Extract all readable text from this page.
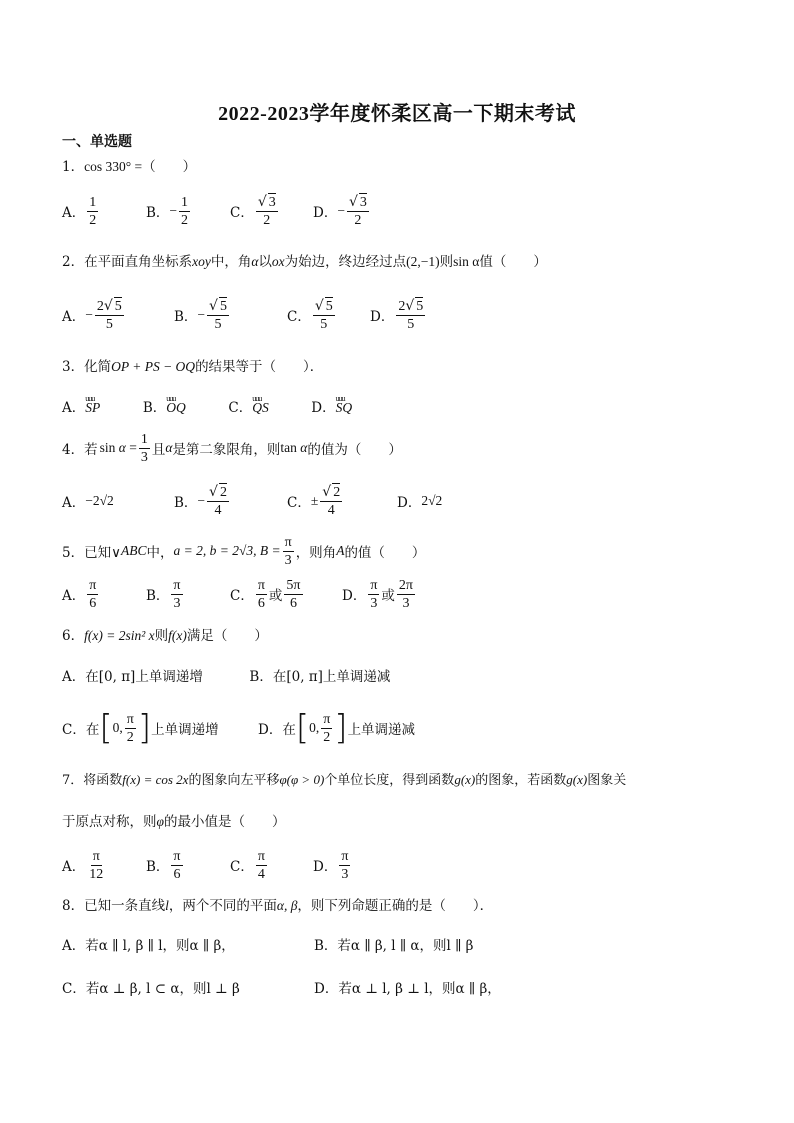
2022-2023学年度怀柔区高一下期末考试
一、单选题
1．cos 330° =（　　）
A． $\frac{1}{2}$	B． − $\frac{1}{2}$	C． $\frac{√ 3}{2}$	D． − $\frac{√ 3}{2}$
2．在平面直角坐标系xoy中，角α以ox为始边，终边经过点(2,−1)则sin α值（　　）
A． − $\frac{2√ 5}{5}$	B． − $\frac{√ 5}{5}$	C． $\frac{√ 5}{5}$	D． $\frac{2√ 5}{5}$
3．化简OP + PS − OQ的结果等于（　　）．
A．uuu SP	B．uuu OQ	C．uuu QS	D．uuu SQ
4．若 $\sin \alpha = \frac{1}{3}$ 且 α 是第二象限角，则 tan α 的值为（　　）
A． −2√2	B． − $\frac{√ 2}{4}$	C． ± $\frac{√ 2}{4}$	D． 2√2
5．已知∨ ABC 中， a = 2, b = 2√3, $B = \frac{\pi}{3}$ ，则角 A 的值（　　）
A． $\frac{\pi}{6}$	B． $\frac{\pi}{3}$	C． $\frac{\pi}{6}$ 或 $\frac{5\pi}{6}$	D． $\frac{\pi}{3}$ 或 $\frac{2\pi}{3}$
6．f(x) = 2sin² x则f(x)满足（　　）
A．在[0, π]上单调递增	B．在[0, π]上单调递减
C．在 [ 0, $\frac{\pi}{2}$ ] 上单调递增	D．在 [ 0, $\frac{\pi}{2}$ ] 上单调递减
7．将函数f(x) = cos 2x的图象向左平移φ(φ > 0)个单位长度，得到函数g(x)的图象，若函数g(x)图象关
于原点对称，则φ的最小值是（　　）
A． $\frac{\pi}{12}$	B． $\frac{\pi}{6}$	C． $\frac{\pi}{4}$	D． $\frac{\pi}{3}$
8．已知一条直线l，两个不同的平面α, β，则下列命题正确的是（　　）．
A．若α ∥ l, β ∥ l，则α ∥ β，	B．若α ∥ β, l ∥ α，则l ∥ β
C．若α ⊥ β, l ⊂ α，则l ⊥ β	D．若α ⊥ l, β ⊥ l，则α ∥ β，
